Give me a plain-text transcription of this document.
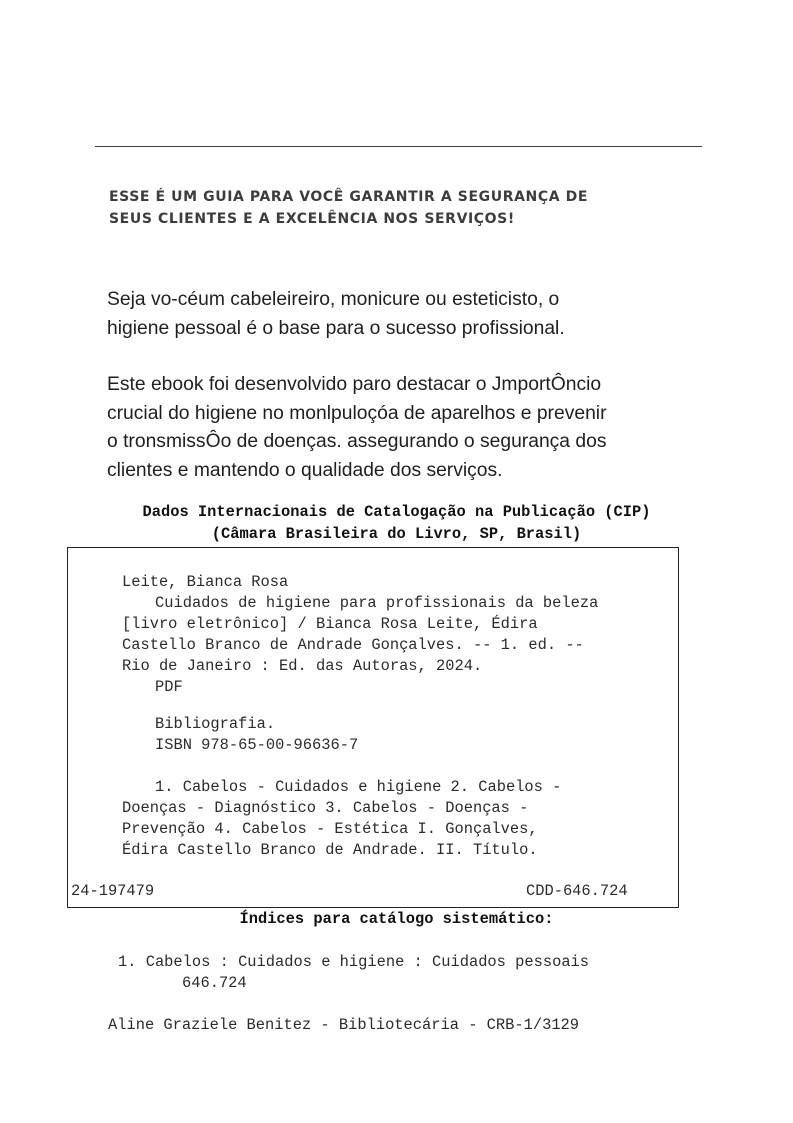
ESSE É UM GUIA PARA VOCÊ GARANTIR A SEGURANÇA DE
SEUS CLIENTES E A EXCELÊNCIA NOS SERVIÇOS!
Seja vo-céum cabeleireiro, monicure ou esteticisto, o
higiene pessoal é o base para o sucesso profissional.
Este ebook foi desenvolvido paro destacar o JmportÔncio
crucial do higiene no monlpuloçóa de aparelhos e prevenir
o tronsmissÔo de doenças. assegurando o segurança dos
clientes e mantendo o qualidade dos serviços.
Dados Internacionais de Catalogação na Publicação (CIP)
(Câmara Brasileira do Livro, SP, Brasil)
Leite, Bianca Rosa
Cuidados de higiene para profissionais da beleza
[livro eletrônico] / Bianca Rosa Leite, Édira
Castello Branco de Andrade Gonçalves. -- 1. ed. --
Rio de Janeiro : Ed. das Autoras, 2024.
PDF
Bibliografia.
ISBN 978-65-00-96636-7
1. Cabelos - Cuidados e higiene 2. Cabelos -
Doenças - Diagnóstico 3. Cabelos - Doenças -
Prevenção 4. Cabelos - Estética I. Gonçalves,
Édira Castello Branco de Andrade. II. Título.
24-197479	CDD-646.724
Índices para catálogo sistemático:
1. Cabelos : Cuidados e higiene : Cuidados pessoais
646.724
Aline Graziele Benitez - Bibliotecária - CRB-1/3129
